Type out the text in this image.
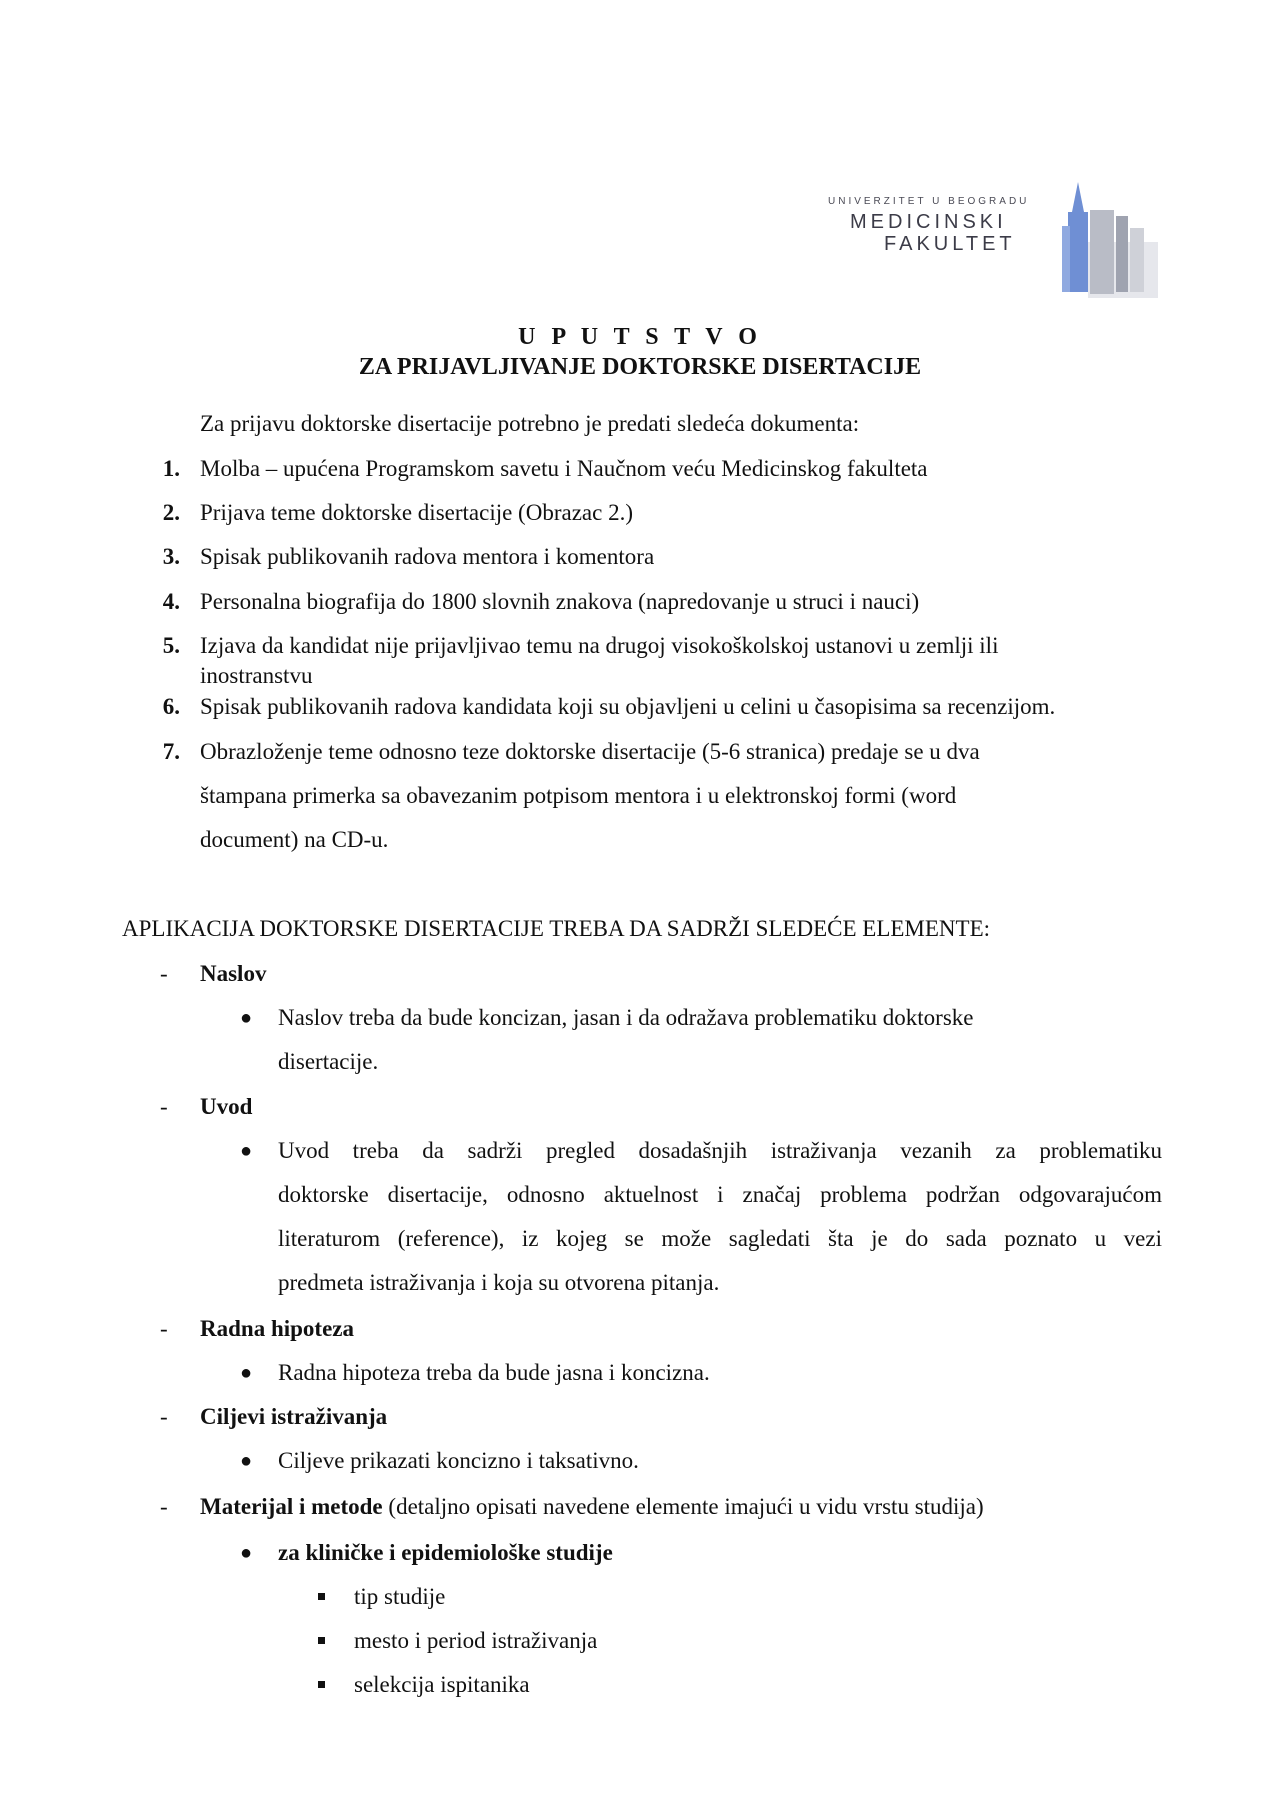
UNIVERZITET U BEOGRADU
MEDICINSKI
FAKULTET
U P U T S T V O
ZA PRIJAVLJIVANJE DOKTORSKE DISERTACIJE
Za prijavu doktorske disertacije potrebno je predati sledeća dokumenta:
1. Molba – upućena Programskom savetu i Naučnom veću Medicinskog fakulteta
2. Prijava teme doktorske disertacije (Obrazac 2.)
3. Spisak publikovanih radova mentora i komentora
4. Personalna biografija do 1800 slovnih znakova (napredovanje u struci i nauci)
5. Izjava da kandidat nije prijavljivao temu na drugoj visokoškolskoj ustanovi u zemlji ili
inostranstvu
6. Spisak publikovanih radova kandidata koji su objavljeni u celini u časopisima sa recenzijom.
7. Obrazloženje teme odnosno teze doktorske disertacije (5-6 stranica) predaje se u dva
štampana primerka sa obavezanim potpisom mentora i u elektronskoj formi (word
document) na CD-u.
APLIKACIJA DOKTORSKE DISERTACIJE TREBA DA SADRŽI SLEDEĆE ELEMENTE:
- Naslov
● Naslov treba da bude koncizan, jasan i da odražava problematiku doktorske
disertacije.
- Uvod
● Uvod treba da sadrži pregled dosadašnjih istraživanja vezanih za problematiku
doktorske disertacije, odnosno aktuelnost i značaj problema podržan odgovarajućom
literaturom (reference), iz kojeg se može sagledati šta je do sada poznato u vezi
predmeta istraživanja i koja su otvorena pitanja.
- Radna hipoteza
● Radna hipoteza treba da bude jasna i koncizna.
- Ciljevi istraživanja
● Ciljeve prikazati koncizno i taksativno.
- Materijal i metode (detaljno opisati navedene elemente imajući u vidu vrstu studija)
● za kliničke i epidemiološke studije
tip studije
mesto i period istraživanja
selekcija ispitanika
